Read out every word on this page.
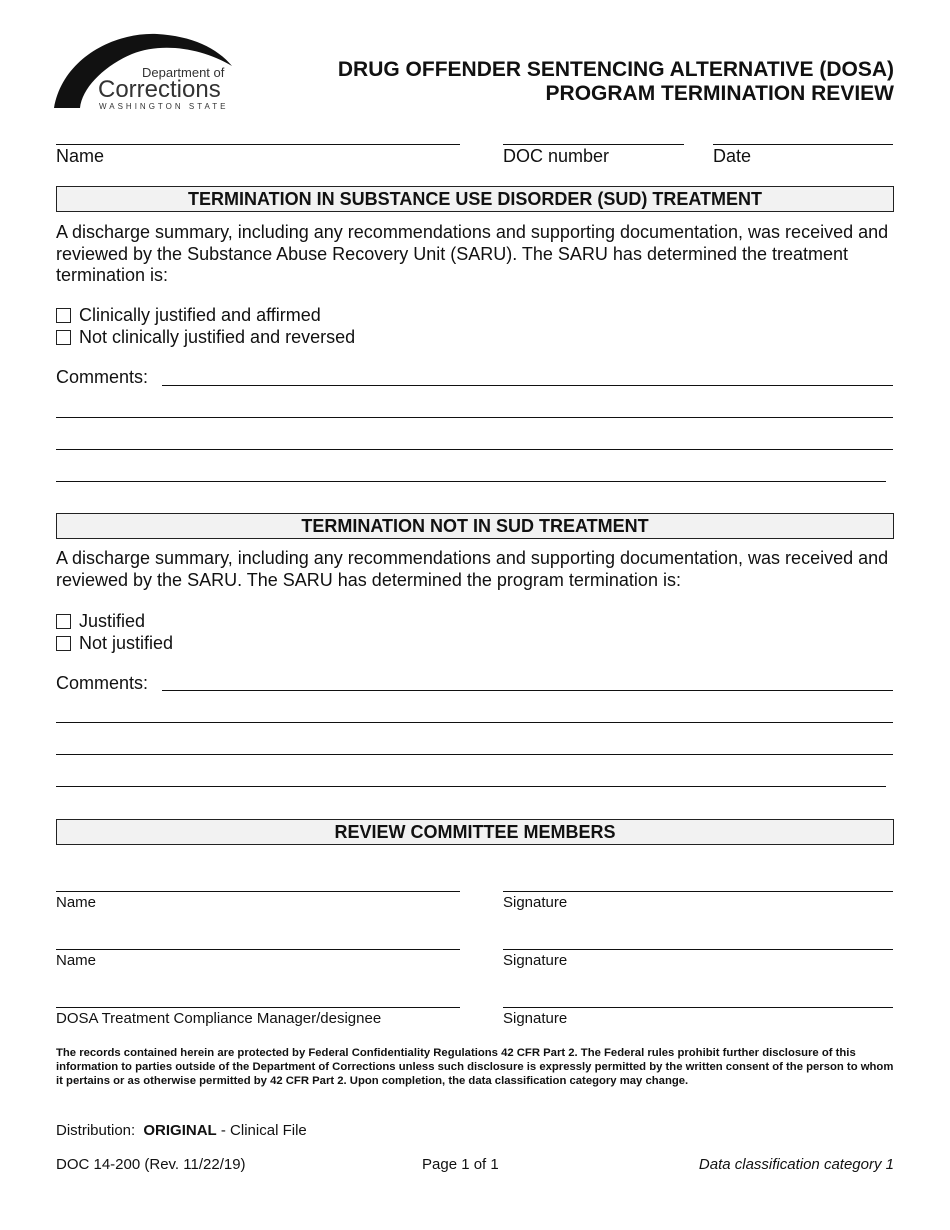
Department of
Corrections
WASHINGTON STATE
DRUG OFFENDER SENTENCING ALTERNATIVE (DOSA)
PROGRAM TERMINATION REVIEW
Name	DOC number	Date
TERMINATION IN SUBSTANCE USE DISORDER (SUD) TREATMENT
A discharge summary, including any recommendations and supporting documentation, was received and reviewed by the Substance Abuse Recovery Unit (SARU). The SARU has determined the treatment termination is:
Clinically justified and affirmed
Not clinically justified and reversed
Comments:
TERMINATION NOT IN SUD TREATMENT
A discharge summary, including any recommendations and supporting documentation, was received and reviewed by the SARU. The SARU has determined the program termination is:
Justified
Not justified
Comments:
REVIEW COMMITTEE MEMBERS
Name	Signature
Name	Signature
DOSA Treatment Compliance Manager/designee	Signature
The records contained herein are protected by Federal Confidentiality Regulations 42 CFR Part 2. The Federal rules prohibit further disclosure of this information to parties outside of the Department of Corrections unless such disclosure is expressly permitted by the written consent of the person to whom it pertains or as otherwise permitted by 42 CFR Part 2. Upon completion, the data classification category may change.
Distribution: ORIGINAL - Clinical File
DOC 14-200 (Rev. 11/22/19)	Page 1 of 1	Data classification category 1
